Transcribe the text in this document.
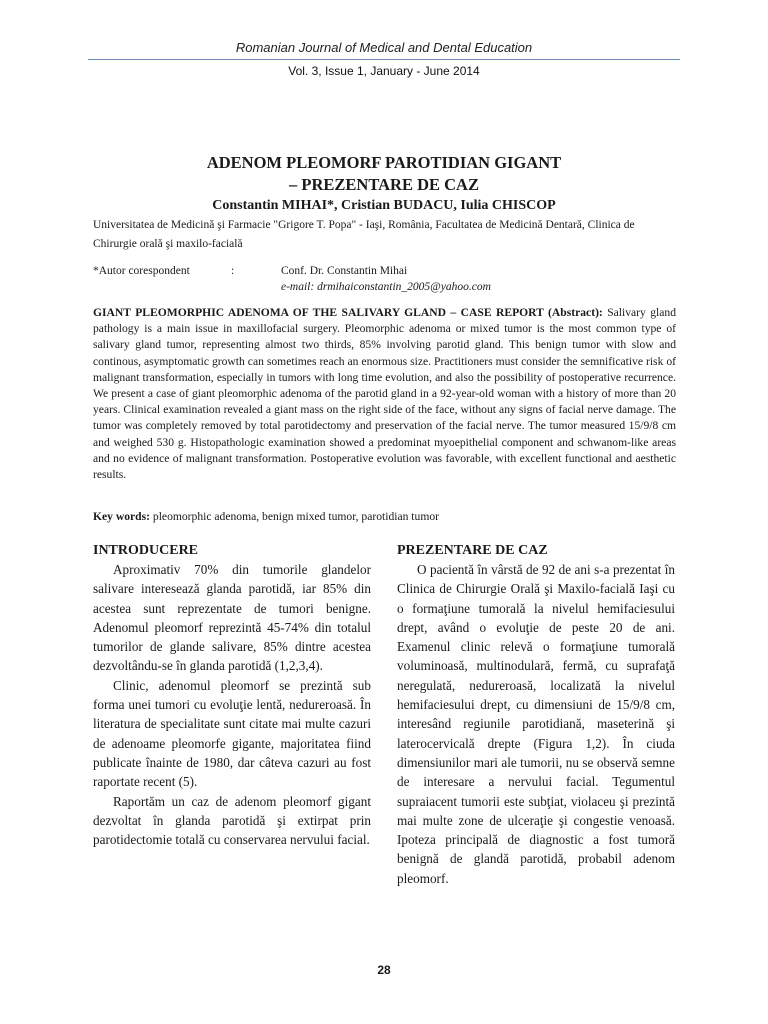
Romanian Journal of Medical and Dental Education
Vol. 3, Issue 1, January - June 2014
ADENOM PLEOMORF PAROTIDIAN GIGANT
– PREZENTARE DE CAZ
Constantin MIHAI*, Cristian BUDACU, Iulia CHISCOP
Universitatea de Medicină şi Farmacie "Grigore T. Popa" - Iaşi, România, Facultatea de Medicină Dentară, Clinica de Chirurgie orală şi maxilo-facială
*Autor corespondent	:	Conf. Dr. Constantin Mihai
e-mail: drmihaiconstantin_2005@yahoo.com
GIANT PLEOMORPHIC ADENOMA OF THE SALIVARY GLAND – CASE REPORT (Abstract): Salivary gland pathology is a main issue in maxillofacial surgery. Pleomorphic adenoma or mixed tumor is the most common type of salivary gland tumor, representing almost two thirds, 85% involving parotid gland. This benign tumor with slow and continous, asymptomatic growth can sometimes reach an enormous size. Practitioners must consider the semnificative risk of malignant transformation, especially in tumors with long time evolution, and also the possibility of postoperative recurrence. We present a case of giant pleomorphic adenoma of the parotid gland in a 92-year-old woman with a history of more than 20 years. Clinical examination revealed a giant mass on the right side of the face, without any signs of facial nerve damage. The tumor was completely removed by total parotidectomy and preservation of the facial nerve. The tumor measured 15/9/8 cm and weighed 530 g. Histopathologic examination showed a predominat myoepithelial component and schwanom-like areas and no evidence of malignant transformation. Postoperative evolution was favorable, with excellent functional and aesthetic results.
Key words: pleomorphic adenoma, benign mixed tumor, parotidian tumor
INTRODUCERE

Aproximativ 70% din tumorile glandelor salivare interesează glanda parotidă, iar 85% din acestea sunt reprezentate de tumori benigne. Adenomul pleomorf reprezintă 45-74% din totalul tumorilor de glande salivare, 85% dintre acestea dezvoltându-se în glanda parotidă (1,2,3,4).

Clinic, adenomul pleomorf se prezintă sub forma unei tumori cu evoluţie lentă, nedureroasă. În literatura de specialitate sunt citate mai multe cazuri de adenoame pleomorfe gigante, majoritatea fiind publicate înainte de 1980, dar câteva cazuri au fost raportate recent (5).

Raportăm un caz de adenom pleomorf gigant dezvoltat în glanda parotidă şi extirpat prin parotidectomie totală cu conservarea nervului facial.

PREZENTARE DE CAZ

O pacientă în vârstă de 92 de ani s-a prezentat în Clinica de Chirurgie Orală şi Maxilo-facială Iaşi cu o formaţiune tumorală la nivelul hemifaciesului drept, având o evoluţie de peste 20 de ani. Examenul clinic relevă o formaţiune tumorală voluminoasă, multinodulară, fermă, cu suprafaţă neregulată, nedureroasă, localizată la nivelul hemifaciesului drept, cu dimensiuni de 15/9/8 cm, interesând regiunile parotidiană, maseterină şi laterocervicală drepte (Figura 1,2). În ciuda dimensiunilor mari ale tumorii, nu se observă semne de interesare a nervului facial. Tegumentul supraiacent tumorii este subţiat, violaceu şi prezintă mai multe zone de ulceraţie şi congestie venoasă. Ipoteza principală de diagnostic a fost tumoră benignă de glandă parotidă, probabil adenom pleomorf.

28
